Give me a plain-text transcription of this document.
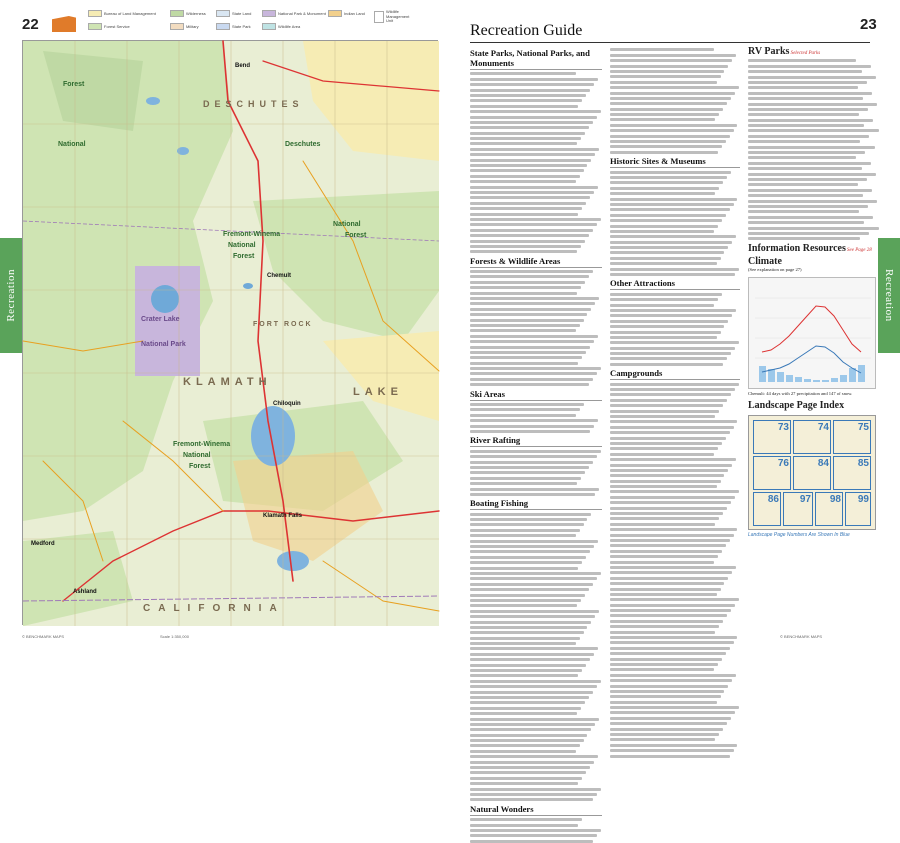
22
Bureau of Land Management
Forest Service
Wilderness
Military
State Land
State Park
National Park & Monument
Wildlife Area
Indian Land	Wildlife Management Unit
Forest
National	Deschutes
National
Forest
Fremont-Winema
National
Forest
DESCHUTES
Crater Lake
National Park
Fremont-Winema
National
Forest
KLAMATH
LAKE
CALIFORNIA
FORT ROCK
Klamath Falls
Bend
Ashland
Medford
Chemult
Chiloquin
© BENCHMARK MAPS	Scale 1:350,000
Recreation
Recreation Guide	23
State Parks, National Parks, and Monuments
Forests & Wildlife Areas
Ski Areas
River Rafting
Boating Fishing
Natural Wonders
Historic Sites & Museums
Other Attractions
Campgrounds
RV Parks Selected Parks
Information Resources See Page 28
Climate
(See explanation on page 27)
Chemult: 44 days with 27 precipitation and 147 of snow.
Landscape Page Index
73	74	75
76	84	85
86	97	98	99
Landscape Page Numbers Are Shown In Blue
© BENCHMARK MAPS
Recreation
